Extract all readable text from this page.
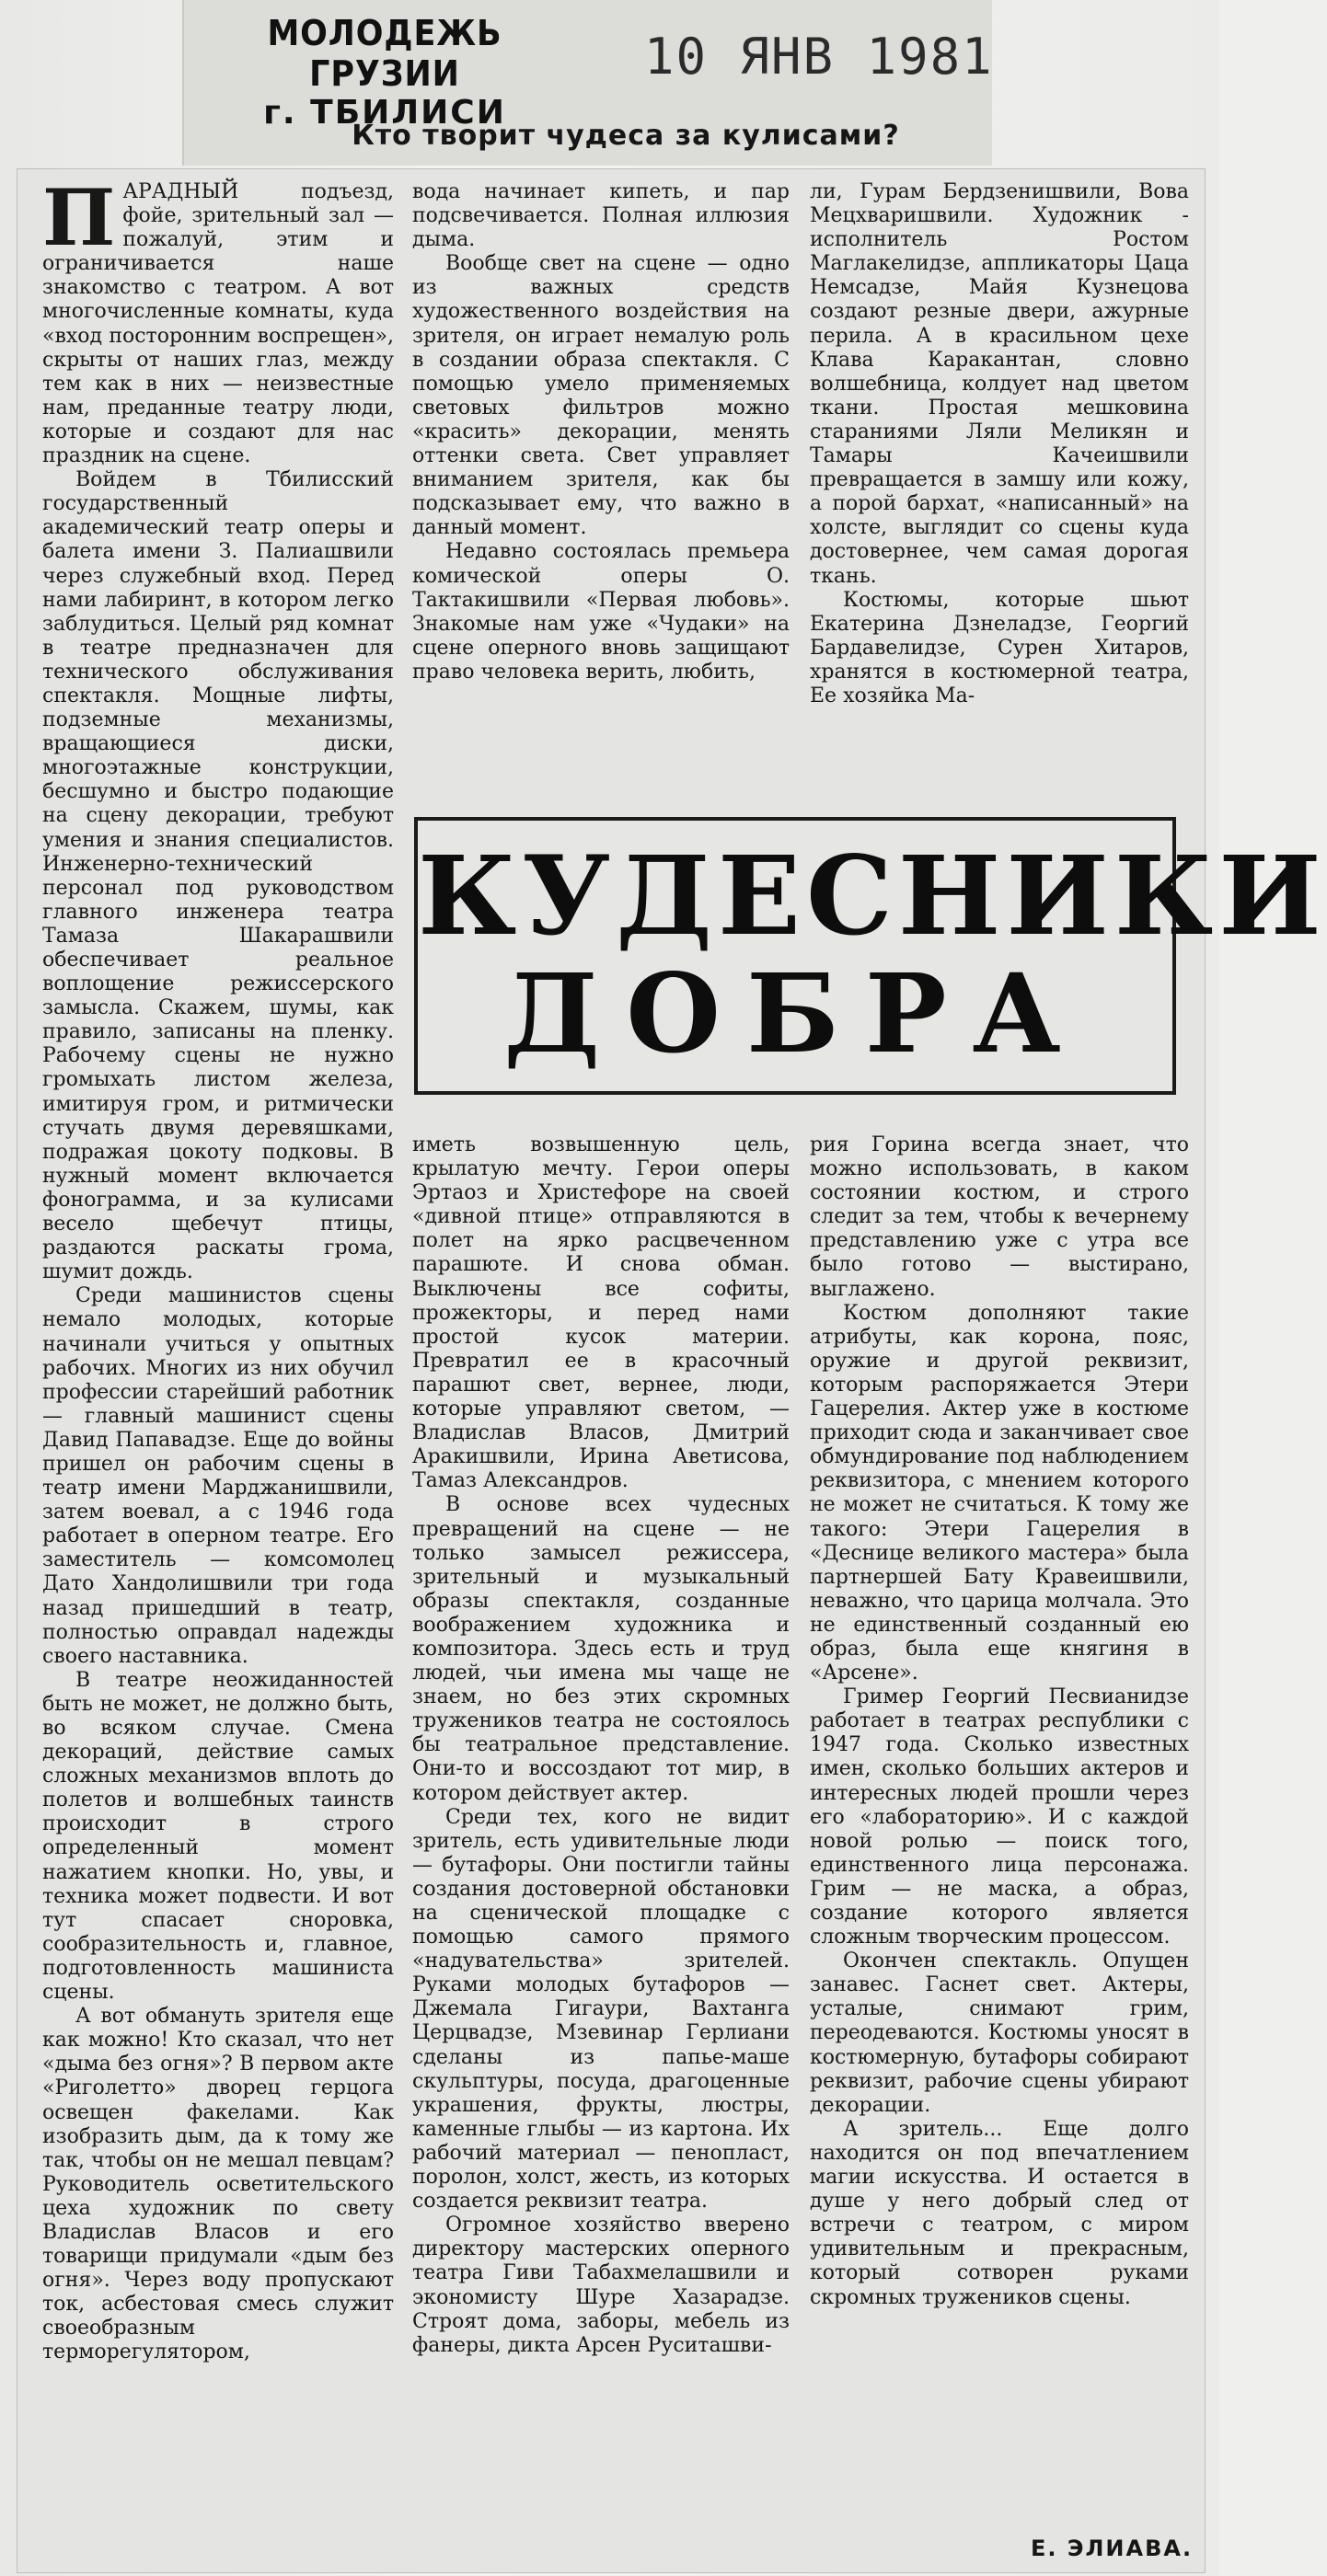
МОЛОДЕЖЬ ГРУЗИИ
г. ТБИЛИСИ
10 ЯНВ 1981
Кто творит чудеса за кулисами?

ПАРАДНЫЙ подъезд, фойе, зрительный зал — пожалуй, этим и ограничивается наше знакомство с театром. А вот многочисленные комнаты, куда «вход посторонним воспрещен», скрыты от наших глаз, между тем как в них — неизвестные нам, преданные театру люди, которые и создают для нас праздник на сцене.

Войдем в Тбилисский государственный академический театр оперы и балета имени З. Палиашвили через служебный вход. Перед нами лабиринт, в котором легко заблудиться. Целый ряд комнат в театре предназначен для технического обслуживания спектакля. Мощные лифты, подземные механизмы, вращающиеся диски, многоэтажные конструкции, бесшумно и быстро подающие на сцену декорации, требуют умения и знания специалистов. Инженерно-технический персонал под руководством главного инженера театра Тамаза Шакарашвили обеспечивает реальное воплощение режиссерского замысла. Скажем, шумы, как правило, записаны на пленку. Рабочему сцены не нужно громыхать листом железа, имитируя гром, и ритмически стучать двумя деревяшками, подражая цокоту подковы. В нужный момент включается фонограмма, и за кулисами весело щебечут птицы, раздаются раскаты грома, шумит дождь.

Среди машинистов сцены немало молодых, которые начинали учиться у опытных рабочих. Многих из них обучил профессии старейший работник — главный машинист сцены Давид Папавадзе. Еще до войны пришел он рабочим сцены в театр имени Марджанишвили, затем воевал, а с 1946 года работает в оперном театре. Его заместитель — комсомолец Дато Хандолишвили три года назад пришедший в театр, полностью оправдал надежды своего наставника.

В театре неожиданностей быть не может, не должно быть, во всяком случае. Смена декораций, действие самых сложных механизмов вплоть до полетов и волшебных таинств происходит в строго определенный момент нажатием кнопки. Но, увы, и техника может подвести. И вот тут спасает сноровка, сообразительность и, главное, подготовленность машиниста сцены.

А вот обмануть зрителя еще как можно! Кто сказал, что нет «дыма без огня»? В первом акте «Риголетто» дворец герцога освещен факелами. Как изобразить дым, да к тому же так, чтобы он не мешал певцам? Руководитель осветительского цеха художник по свету Владислав Власов и его товарищи придумали «дым без огня». Через воду пропускают ток, асбестовая смесь служит своеобразным терморегулятором,

вода начинает кипеть, и пар подсвечивается. Полная иллюзия дыма.

Вообще свет на сцене — одно из важных средств художественного воздействия на зрителя, он играет немалую роль в создании образа спектакля. С помощью умело применяемых световых фильтров можно «красить» декорации, менять оттенки света. Свет управляет вниманием зрителя, как бы подсказывает ему, что важно в данный момент.

Недавно состоялась премьера комической оперы О. Тактакишвили «Первая любовь». Знакомые нам уже «Чудаки» на сцене оперного вновь защищают право человека верить, любить,

ли, Гурам Бердзенишвили, Вова Мецхваришвили. Художник - исполнитель Ростом Маглакелидзе, аппликаторы Цаца Немсадзе, Майя Кузнецова создают резные двери, ажурные перила. А в красильном цехе Клава Каракантан, словно волшебница, колдует над цветом ткани. Простая мешковина стараниями Ляли Меликян и Тамары Качеишвили превращается в замшу или кожу, а порой бархат, «написанный» на холсте, выглядит со сцены куда достовернее, чем самая дорогая ткань.

Костюмы, которые шьют Екатерина Дзнеладзе, Георгий Бардавелидзе, Сурен Хитаров, хранятся в костюмерной театра, Ее хозяйка Ма-

КУДЕСНИКИ
ДОБРА

иметь возвышенную цель, крылатую мечту. Герои оперы Эртаоз и Христефоре на своей «дивной птице» отправляются в полет на ярко расцвеченном парашюте. И снова обман. Выключены все софиты, прожекторы, и перед нами простой кусок материи. Превратил ее в красочный парашют свет, вернее, люди, которые управляют светом, — Владислав Власов, Дмитрий Аракишвили, Ирина Аветисова, Тамаз Александров.

В основе всех чудесных превращений на сцене — не только замысел режиссера, зрительный и музыкальный образы спектакля, созданные воображением художника и композитора. Здесь есть и труд людей, чьи имена мы чаще не знаем, но без этих скромных тружеников театра не состоялось бы театральное представление. Они-то и воссоздают тот мир, в котором действует актер.

Среди тех, кого не видит зритель, есть удивительные люди — бутафоры. Они постигли тайны создания достоверной обстановки на сценической площадке с помощью самого прямого «надувательства» зрителей. Руками молодых бутафоров — Джемала Гигаури, Вахтанга Церцвадзе, Мзевинар Герлиани сделаны из папье-маше скульптуры, посуда, драгоценные украшения, фрукты, люстры, каменные глыбы — из картона. Их рабочий материал — пенопласт, поролон, холст, жесть, из которых создается реквизит театра.

Огромное хозяйство вверено директору мастерских оперного театра Гиви Табахмелашвили и экономисту Шуре Хазарадзе. Строят дома, заборы, мебель из фанеры, дикта Арсен Руситашви-

рия Горина всегда знает, что можно использовать, в каком состоянии костюм, и строго следит за тем, чтобы к вечернему представлению уже с утра все было готово — выстирано, выглажено.

Костюм дополняют такие атрибуты, как корона, пояс, оружие и другой реквизит, которым распоряжается Этери Гацерелия. Актер уже в костюме приходит сюда и заканчивает свое обмундирование под наблюдением реквизитора, с мнением которого не может не считаться. К тому же такого: Этери Гацерелия в «Деснице великого мастера» была партнершей Бату Кравеишвили, неважно, что царица молчала. Это не единственный созданный ею образ, была еще княгиня в «Арсене».

Гример Георгий Песвианидзе работает в театрах республики с 1947 года. Сколько известных имен, сколько больших актеров и интересных людей прошли через его «лабораторию». И с каждой новой ролью — поиск того, единственного лица персонажа. Грим — не маска, а образ, создание которого является сложным творческим процессом.

Окончен спектакль. Опущен занавес. Гаснет свет. Актеры, усталые, снимают грим, переодеваются. Костюмы уносят в костюмерную, бутафоры собирают реквизит, рабочие сцены убирают декорации.

А зритель... Еще долго находится он под впечатлением магии искусства. И остается в душе у него добрый след от встречи с театром, с миром удивительным и прекрасным, который сотворен руками скромных тружеников сцены.

Е. ЭЛИАВА.
